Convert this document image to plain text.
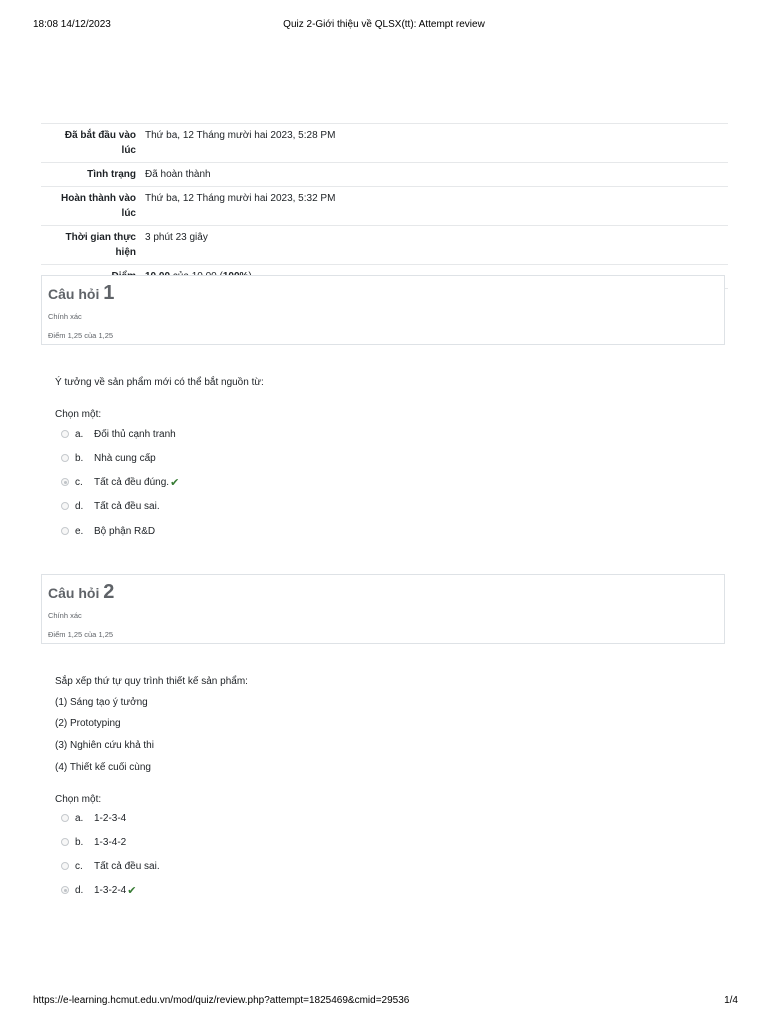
18:08 14/12/2023	Quiz 2-Giới thiệu về QLSX(tt): Attempt review
Đã bắt đầu vào lúc	Thứ ba, 12 Tháng mười hai 2023, 5:28 PM
Tình trạng	Đã hoàn thành
Hoàn thành vào lúc	Thứ ba, 12 Tháng mười hai 2023, 5:32 PM
Thời gian thực hiện	3 phút 23 giây

Câu hỏi 1
Chính xác
Điểm 1,25 của 1,25
Ý tưởng về sản phẩm mới có thể bắt nguồn từ:
Chọn một:
a.	Đối thủ cạnh tranh
b.	Nhà cung cấp
c.	Tất cả đều đúng. ✔
d.	Tất cả đều sai.
e.	Bộ phận R&D
Câu hỏi 2
Chính xác
Điểm 1,25 của 1,25
Sắp xếp thứ tự quy trình thiết kế sản phẩm:
(1) Sáng tạo ý tưởng
(2) Prototyping
(3) Nghiên cứu khả thi
(4) Thiết kế cuối cùng
Chọn một:
a.	1-2-3-4
b.	1-3-4-2
c.	Tất cả đều sai.
d.	1-3-2-4 ✔
https://e-learning.hcmut.edu.vn/mod/quiz/review.php?attempt=1825469&cmid=29536	1/4
